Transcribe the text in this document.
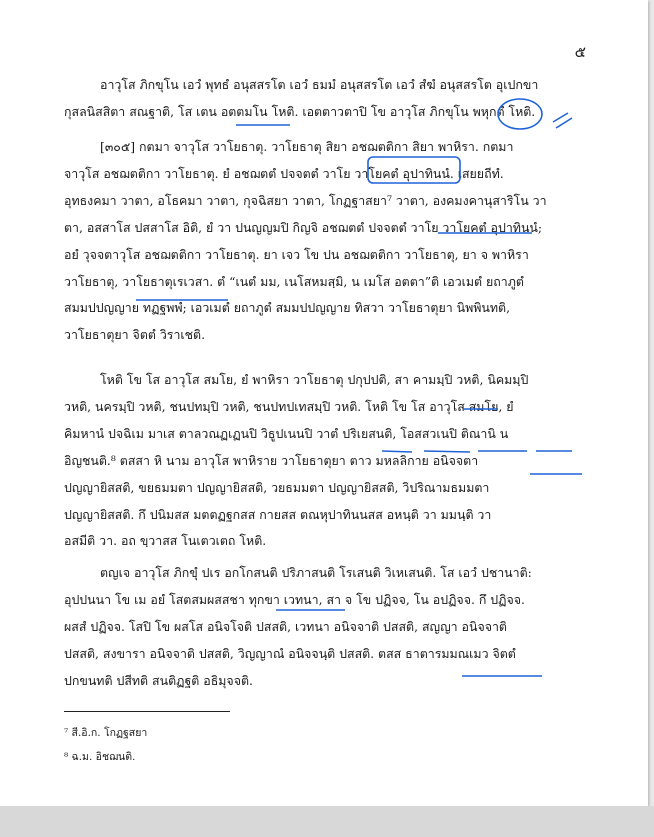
๕

อาวุโส ภิกขุโน เอวํ พุทธํ อนุสสรโต เอวํ ธมมํ อนุสสรโต เอวํ สํฆํ อนุสสรโต อุเปกขา
กุสลนิสสิตา สณฐาติ, โส เตน อตตมโน โหติ. เอตตาวตาปิ โข อาวุโส ภิกขุโน พหุกตํ โหติ.

[๓๐๕] กตมา จาวุโส วาโยธาตุ. วาโยธาตุ สิยา อชฌตติกา สิยา พาหิรา. กตมา
จาวุโส อชฌตติกา วาโยธาตุ. ยํ อชฌตตํ ปจจตตํ วาโย วาโยคตํ อุปาทินนํ. เสยยถีทํ.
อุทธงคมา วาตา, อโธคมา วาตา, กุจฉิสยา วาตา, โกฏฐาสยา⁷ วาตา, องคมงคานุสาริโน วา
ตา, อสสาโส ปสสาโส อิติ, ยํ วา ปนญญมปิ กิญจิ อชฌตตํ ปจจตตํ วาโย วาโยคตํ อุปาทินนํ;
อยํ วุจจตาวุโส อชฌตติกา วาโยธาตุ. ยา เจว โข ปน อชฌตติกา วาโยธาตุ, ยา จ พาหิรา
วาโยธาตุ, วาโยธาตุเรเวสา. ตํ “เนตํ มม, เนโสหมสฺมิ, น เมโส อตตา”ติ เอวเมตํ ยถาภูตํ
สมมปปญญาย ทฏฐพพํ; เอวเมตํ ยถาภูตํ สมมปปญญาย ทิสวา วาโยธาตุยา นิพพินทติ,
วาโยธาตุยา จิตตํ วิราเชติ.

โหติ โข โส อาวุโส สมโย, ยํ พาหิรา วาโยธาตุ ปกุปปติ, สา คามมฺปิ วหติ, นิคมมฺปิ
วหติ, นครมฺปิ วหติ, ชนปทมฺปิ วหติ, ชนปทปเทสมฺปิ วหติ. โหติ โข โส อาวุโส สมโย, ยํ
คิมหานํ ปจฉิเม มาเส ตาลวณฏเฏนปิ วิธูปเนนปิ วาตํ ปริเยสนติ, โอสสวเนปิ ติณานิ น
อิญชนติ.⁸ ตสสา หิ นาม อาวุโส พาหิราย วาโยธาตุยา ตาว มหลลิกาย อนิจจตา
ปญญายิสสติ, ขยธมมตา ปญญายิสสติ, วยธมมตา ปญญายิสสติ, วิปริณามธมมตา
ปญญายิสสติ. กึ ปนิมสส มตตฏฐกสส กายสส ตณหุปาทินนสส อหนฺติ วา มมนฺติ วา
อสมีติ วา. อถ ขฺวาสส โนเตวเตถ โหติ.

ตญเจ อาวุโส ภิกขุํ ปเร อกโกสนติ ปริภาสนติ โรเสนติ วิเหเสนติ. โส เอวํ ปชานาติ:
อุปปนนา โข เม อยํ โสตสมผสสชา ทุกขา เวทนา, สา จ โข ปฏิจจ, โน อปฏิจจ. กึ ปฏิจจ.
ผสสํ ปฏิจจ. โสปิ โข ผสโส อนิจโจติ ปสสติ, เวทนา อนิจจาติ ปสสติ, สญญา อนิจจาติ
ปสสติ, สงขารา อนิจจาติ ปสสติ, วิญญาณํ อนิจจนฺติ ปสสติ. ตสส ธาตารมมณเมว จิตตํ
ปกขนทติ ปสีทติ สนติฏฐติ อธิมุจจติ.

⁷ สี.อิ.ก. โกฏฐสยา
⁸ ฉ.ม. อิชฌนติ.
